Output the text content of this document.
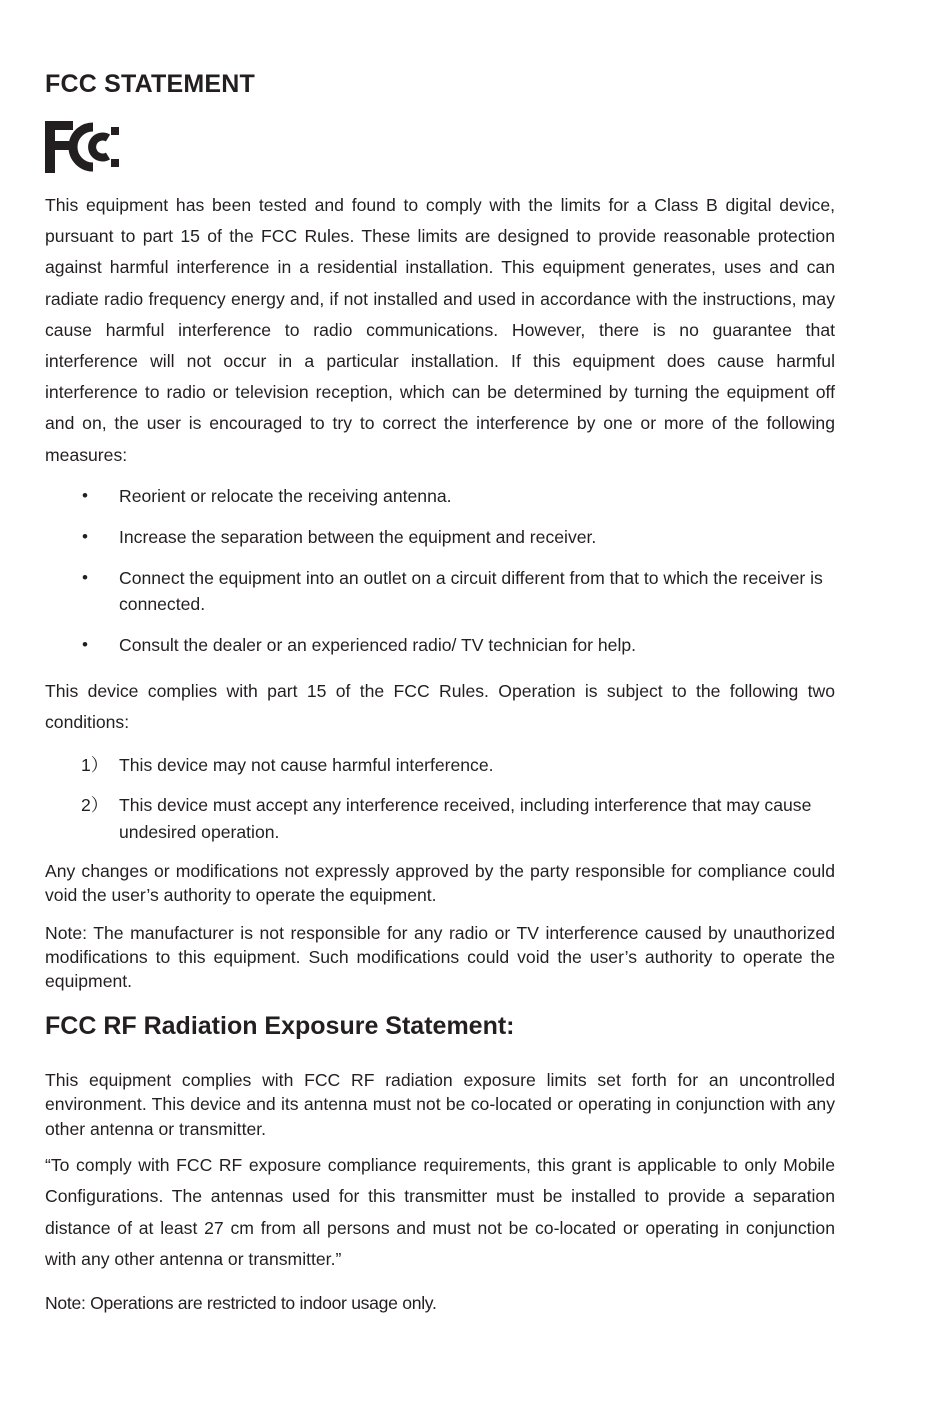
FCC STATEMENT

This equipment has been tested and found to comply with the limits for a Class B digital device, pursuant to part 15 of the FCC Rules. These limits are designed to provide reasonable protection against harmful interference in a residential installation. This equipment generates, uses and can radiate radio frequency energy and, if not installed and used in accordance with the instructions, may cause harmful interference to radio communications. However, there is no guarantee that interference will not occur in a particular installation. If this equipment does cause harmful interference to radio or television reception, which can be determined by turning the equipment off and on, the user is encouraged to try to correct the interference by one or more of the following measures:

• Reorient or relocate the receiving antenna.
• Increase the separation between the equipment and receiver.
• Connect the equipment into an outlet on a circuit different from that to which the receiver is connected.
• Consult the dealer or an experienced radio/ TV technician for help.

This device complies with part 15 of the FCC Rules. Operation is subject to the following two conditions:

1） This device may not cause harmful interference.
2） This device must accept any interference received, including interference that may cause undesired operation.

Any changes or modifications not expressly approved by the party responsible for compliance could void the user’s authority to operate the equipment.

Note: The manufacturer is not responsible for any radio or TV interference caused by unauthorized modifications to this equipment. Such modifications could void the user’s authority to operate the equipment.

FCC RF Radiation Exposure Statement:

This equipment complies with FCC RF radiation exposure limits set forth for an uncontrolled environment. This device and its antenna must not be co-located or operating in conjunction with any other antenna or transmitter.

“To comply with FCC RF exposure compliance requirements, this grant is applicable to only Mobile Configurations. The antennas used for this transmitter must be installed to provide a separation distance of at least 27 cm from all persons and must not be co-located or operating in conjunction with any other antenna or transmitter.”

Note: Operations are restricted to indoor usage only.
